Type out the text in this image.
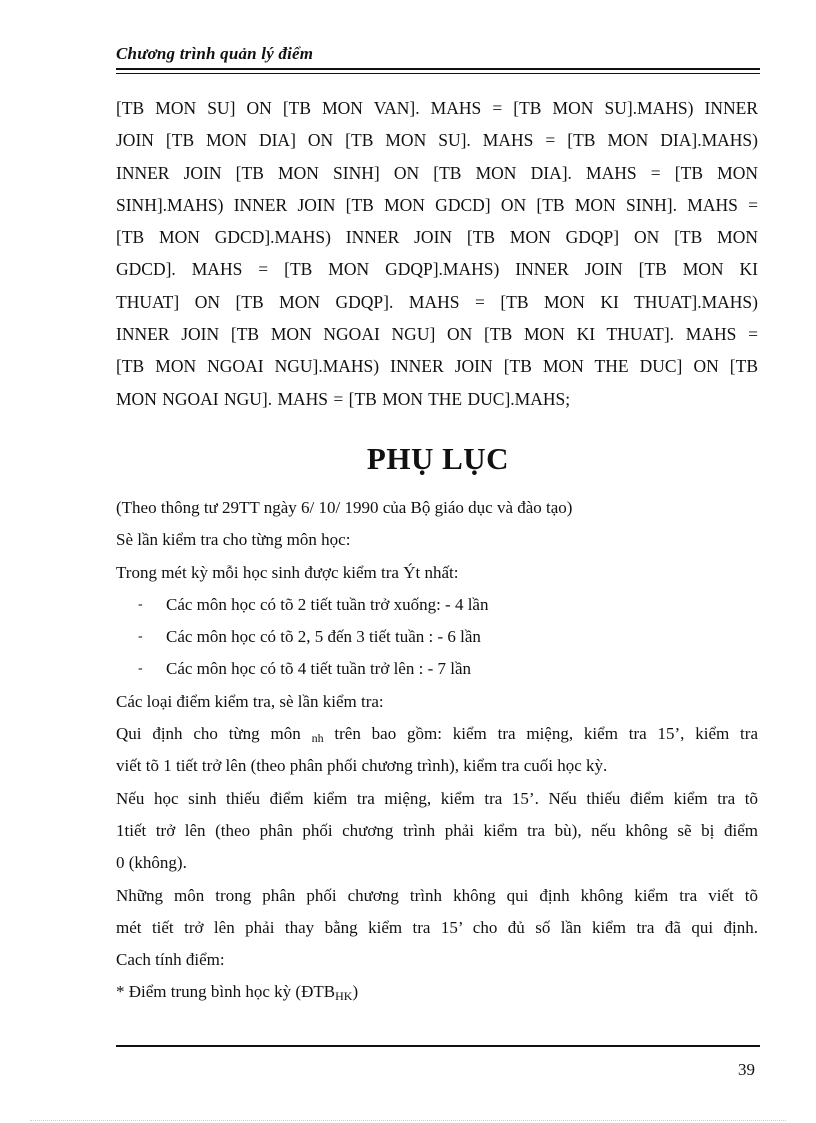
Chương trình quản lý điểm
[TB MON SU] ON [TB MON VAN]. MAHS = [TB MON SU].MAHS) INNER
JOIN [TB MON DIA] ON [TB MON SU]. MAHS = [TB MON DIA].MAHS)
INNER JOIN [TB MON SINH] ON [TB MON DIA]. MAHS = [TB MON
SINH].MAHS) INNER JOIN [TB MON GDCD] ON [TB MON SINH]. MAHS =
[TB MON GDCD].MAHS) INNER JOIN [TB MON GDQP] ON [TB MON
GDCD]. MAHS = [TB MON GDQP].MAHS) INNER JOIN [TB MON KI
THUAT] ON [TB MON GDQP]. MAHS = [TB MON KI THUAT].MAHS)
INNER JOIN [TB MON NGOAI NGU] ON [TB MON KI THUAT]. MAHS =
[TB MON NGOAI NGU].MAHS) INNER JOIN [TB MON THE DUC] ON [TB
MON NGOAI NGU]. MAHS = [TB MON THE DUC].MAHS;
PHỤ LỤC
(Theo thông tư 29TT ngày 6/ 10/ 1990 của Bộ giáo dục và đào tạo)
Sè lần kiểm tra cho từng môn học:
Trong mét kỳ mỗi học sinh được kiểm tra Ýt nhất:
‐ Các môn học có tõ 2 tiết tuần trở xuống: - 4 lần
‐ Các môn học có tõ 2, 5 đến 3 tiết tuần : - 6 lần
‐ Các môn học có tõ 4 tiết tuần trở lên : - 7 lần
Các loại điểm kiểm tra, sè lần kiểm tra:
Qui định cho từng môn $_{nh}$ trên bao gồm: kiểm tra miệng, kiểm tra 15’, kiểm tra
viết tõ 1 tiết trở lên (theo phân phối chương trình), kiểm tra cuối học kỳ.
Nếu học sinh thiếu điểm kiểm tra miệng, kiểm tra 15’. Nếu thiếu điểm kiểm tra tõ
1tiết trở lên (theo phân phối chương trình phải kiểm tra bù), nếu không sẽ bị điểm
0 (không).
Những môn trong phân phối chương trình không qui định không kiểm tra viết tõ
mét tiết trở lên phải thay bằng kiểm tra 15’ cho đủ số lần kiểm tra đã qui định.
Cach tính điểm:
* Điểm trung bình học kỳ $(ĐTB_{HK})$
39
